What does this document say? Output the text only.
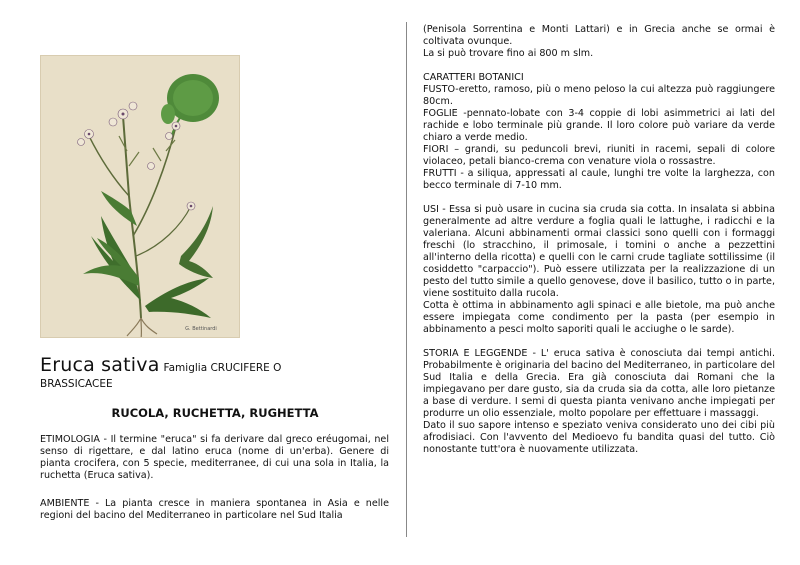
G. Bettinardi
Eruca sativa Famiglia CRUCIFERE O
BRASSICACEE
RUCOLA, RUCHETTA, RUGHETTA

ETIMOLOGIA - Il termine "eruca" si fa derivare dal greco eréugomai, nel senso di rigettare, e dal latino eruca (nome di un'erba). Genere di pianta crocifera, con 5 specie, mediterranee, di cui una sola in Italia, la ruchetta (Eruca sativa).

AMBIENTE - La pianta cresce in maniera spontanea in Asia e nelle regioni del bacino del Mediterraneo in particolare nel Sud Italia

(Penisola Sorrentina e Monti Lattari) e in Grecia anche se ormai è coltivata ovunque.

La si può trovare fino ai 800 m slm.

CARATTERI BOTANICI

FUSTO-eretto, ramoso, più o meno peloso la cui altezza può raggiungere 80cm.

FOGLIE -pennato-lobate con 3-4 coppie di lobi asimmetrici ai lati del rachide e lobo terminale più grande. Il loro colore può variare da verde chiaro a verde medio.

FIORI – grandi, su peduncoli brevi, riuniti in racemi, sepali di colore violaceo, petali bianco-crema con venature viola o rossastre.

FRUTTI - a siliqua, appressati al caule, lunghi tre volte la larghezza, con becco terminale di 7-10 mm.

USI - Essa si può usare in cucina sia cruda sia cotta. In insalata si abbina generalmente ad altre verdure a foglia quali le lattughe, i radicchi e la valeriana. Alcuni abbinamenti ormai classici sono quelli con i formaggi freschi (lo stracchino, il primosale, i tomini o anche a pezzettini all'interno della ricotta) e quelli con le carni crude tagliate sottilissime (il cosiddetto "carpaccio"). Può essere utilizzata per la realizzazione di un pesto del tutto simile a quello genovese, dove il basilico, tutto o in parte, viene sostituito dalla rucola.

Cotta è ottima in abbinamento agli spinaci e alle bietole, ma può anche essere impiegata come condimento per la pasta (per esempio in abbinamento a pesci molto saporiti quali le acciughe o le sarde).

STORIA E LEGGENDE - L' eruca sativa è conosciuta dai tempi antichi. Probabilmente è originaria del bacino del Mediterraneo, in particolare del Sud Italia e della Grecia. Era già conosciuta dai Romani che la impiegavano per dare gusto, sia da cruda sia da cotta, alle loro pietanze a base di verdure. I semi di questa pianta venivano anche impiegati per produrre un olio essenziale, molto popolare per effettuare i massaggi.

Dato il suo sapore intenso e speziato veniva considerato uno dei cibi più afrodisiaci. Con l'avvento del Medioevo fu bandita quasi del tutto. Ciò nonostante tutt'ora è nuovamente utilizzata.
